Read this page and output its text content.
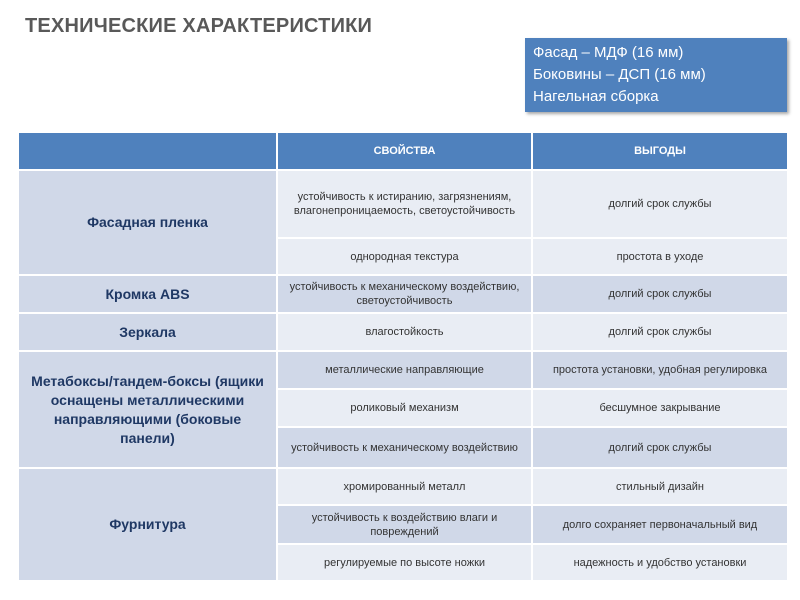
ТЕХНИЧЕСКИЕ ХАРАКТЕРИСТИКИ
Фасад – МДФ (16 мм)
Боковины – ДСП (16 мм)
Нагельная сборка
	СВОЙСТВА	ВЫГОДЫ
Фасадная пленка	устойчивость к истиранию, загрязнениям, влагонепроницаемость, светоустойчивость	долгий срок службы
	однородная текстура	простота в уходе
Кромка ABS	устойчивость к механическому воздействию, светоустойчивость	долгий срок службы
Зеркала	влагостойкость	долгий срок службы
Метабоксы/тандем-боксы (ящики оснащены металлическими направляющими (боковые панели)	металлические направляющие	простота установки, удобная регулировка
	роликовый механизм	бесшумное закрывание
	устойчивость к механическому воздействию	долгий срок службы
Фурнитура	хромированный металл	стильный дизайн
	устойчивость к воздействию влаги и повреждений	долго сохраняет первоначальный вид
	регулируемые по высоте ножки	надежность и удобство установки
